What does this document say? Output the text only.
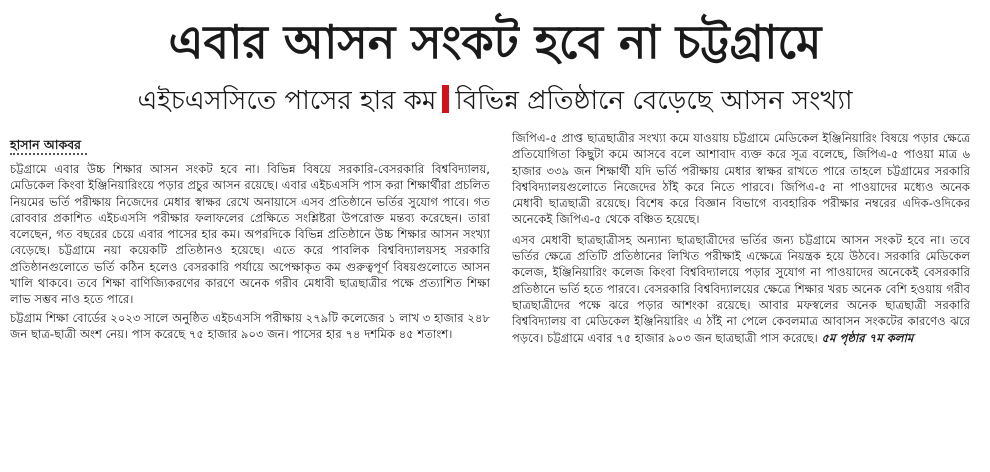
এবার আসন সংকট হবে না চট্টগ্রামে
এইচএসসিতে পাসের হার কম বিভিন্ন প্রতিষ্ঠানে বেড়েছে আসন সংখ্যা
হাসান আকবর

চট্টগ্রামে এবার উচ্চ শিক্ষার আসন সংকট হবে না। বিভিন্ন বিষয়ে সরকারি-বেসরকারি বিশ্ববিদ্যালয়, মেডিকেল কিংবা ইঞ্জিনিয়ারিংয়ে পড়ার প্রচুর আসন রয়েছে। এবার এইচএসসি পাস করা শিক্ষার্থীরা প্রচলিত নিয়মের ভর্তি পরীক্ষায় নিজেদের মেধার স্বাক্ষর রেখে অনায়াসে এসব প্রতিষ্ঠানে ভর্তির সুযোগ পাবে। গত রোববার প্রকাশিত এইচএসসি পরীক্ষার ফলাফলের প্রেক্ষিতে সংশ্লিষ্টরা উপরোক্ত মন্তব্য করেছেন। তারা বলেছেন, গত বছরের চেয়ে এবার পাসের হার কম। অপরদিকে বিভিন্ন প্রতিষ্ঠানে উচ্চ শিক্ষার আসন সংখ্যা বেড়েছে। চট্টগ্রামে নয়া কয়েকটি প্রতিষ্ঠানও হয়েছে। এতে করে পাবলিক বিশ্ববিদ্যালয়সহ সরকারি প্রতিষ্ঠানগুলোতে ভর্তি কঠিন হলেও বেসরকারি পর্যায়ে অপেক্ষাকৃত কম গুরুত্বপূর্ণ বিষয়গুলোতে আসন খালি থাকবে। তবে শিক্ষা বাণিজ্যিকরণের কারণে অনেক গরীব মেধাবী ছাত্রছাত্রীর পক্ষে প্রত্যাশিত শিক্ষা লাভ সম্ভব নাও হতে পারে।

চট্টগ্রাম শিক্ষা বোর্ডের ২০২৩ সালে অনুষ্ঠিত এইচএসসি পরীক্ষায় ২৭৯টি কলেজের ১ লাখ ৩ হাজার ২৪৮ জন ছাত্র-ছাত্রী অংশ নেয়। পাস করেছে ৭৫ হাজার ৯০৩ জন। পাসের হার ৭৪ দশমিক ৪৫ শতাংশ।

জিপিএ-৫ প্রাপ্ত ছাত্রছাত্রীর সংখ্যা কমে যাওয়ায় চট্টগ্রামে মেডিকেল ইঞ্জিনিয়ারিং বিষয়ে পড়ার ক্ষেত্রে প্রতিযোগিতা কিছুটা কমে আসবে বলে আশাবাদ ব্যক্ত করে সূত্র বলেছে, জিপিএ-৫ পাওয়া মাত্র ৬ হাজার ৩৩৯ জন শিক্ষার্থী যদি ভর্তি পরীক্ষায় মেধার স্বাক্ষর রাখতে পারে তাহলে চট্টগ্রামের সরকারি বিশ্ববিদ্যালয়গুলোতে নিজেদের ঠাঁই করে নিতে পারবে। জিপিএ-৫ না পাওয়াদের মধ্যেও অনেক মেধাবী ছাত্রছাত্রী রয়েছে। বিশেষ করে বিজ্ঞান বিভাগে ব্যবহারিক পরীক্ষার নম্বরের এদিক-ওদিকের অনেকেই জিপিএ-৫ থেকে বঞ্চিত হয়েছে।

এসব মেধাবী ছাত্রছাত্রীসহ অন্যান্য ছাত্রছাত্রীদের ভর্তির জন্য চট্টগ্রামে আসন সংকট হবে না। তবে ভর্তির ক্ষেত্রে প্রতিটি প্রতিষ্ঠানের লিখিত পরীক্ষাই এক্ষেত্রে নিয়ন্ত্রক হয়ে উঠবে। সরকারি মেডিকেল কলেজ, ইঞ্জিনিয়ারিং কলেজ কিংবা বিশ্ববিদ্যালয়ে পড়ার সুযোগ না পাওয়াদের অনেকেই বেসরকারি প্রতিষ্ঠানে ভর্তি হতে পারবে। বেসরকারি বিশ্ববিদ্যালয়ের ক্ষেত্রে শিক্ষার খরচ অনেক বেশি হওয়ায় গরীব ছাত্রছাত্রীদের পক্ষে ঝরে পড়ার আশংকা রয়েছে। আবার মফস্বলের অনেক ছাত্রছাত্রী সরকারি বিশ্ববিদ্যালয় বা মেডিকেল ইঞ্জিনিয়ারিং এ ঠাঁই না পেলে কেবলমাত্র আবাসন সংকটের কারণেও ঝরে পড়বে। চট্টগ্রামে এবার ৭৫ হাজার ৯০৩ জন ছাত্রছাত্রী পাস করেছে। ৫ম পৃষ্ঠার ৭ম কলাম
